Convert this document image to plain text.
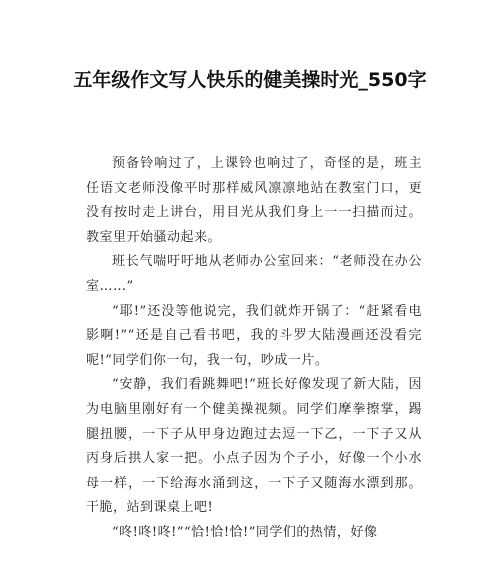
五年级作文写人快乐的健美操时光_550字

预备铃响过了，上课铃也响过了，奇怪的是，班主任语文老师没像平时那样威风凛凛地站在教室门口，更没有按时走上讲台，用目光从我们身上一一扫描而过。教室里开始骚动起来。

班长气喘吁吁地从老师办公室回来：“老师没在办公室……”

“耶!”还没等他说完，我们就炸开锅了：“赶紧看电影啊!”“还是自己看书吧，我的斗罗大陆漫画还没看完呢!”同学们你一句，我一句，吵成一片。

“安静，我们看跳舞吧!”班长好像发现了新大陆，因为电脑里刚好有一个健美操视频。同学们摩拳擦掌，踢腿扭腰，一下子从甲身边跑过去逗一下乙，一下子又从丙身后拱人家一把。小点子因为个子小，好像一个小水母一样，一下给海水涌到这，一下子又随海水漂到那。干脆，站到课桌上吧!

“咚!咚!咚!”“恰!恰!恰!”同学们的热情，好像
